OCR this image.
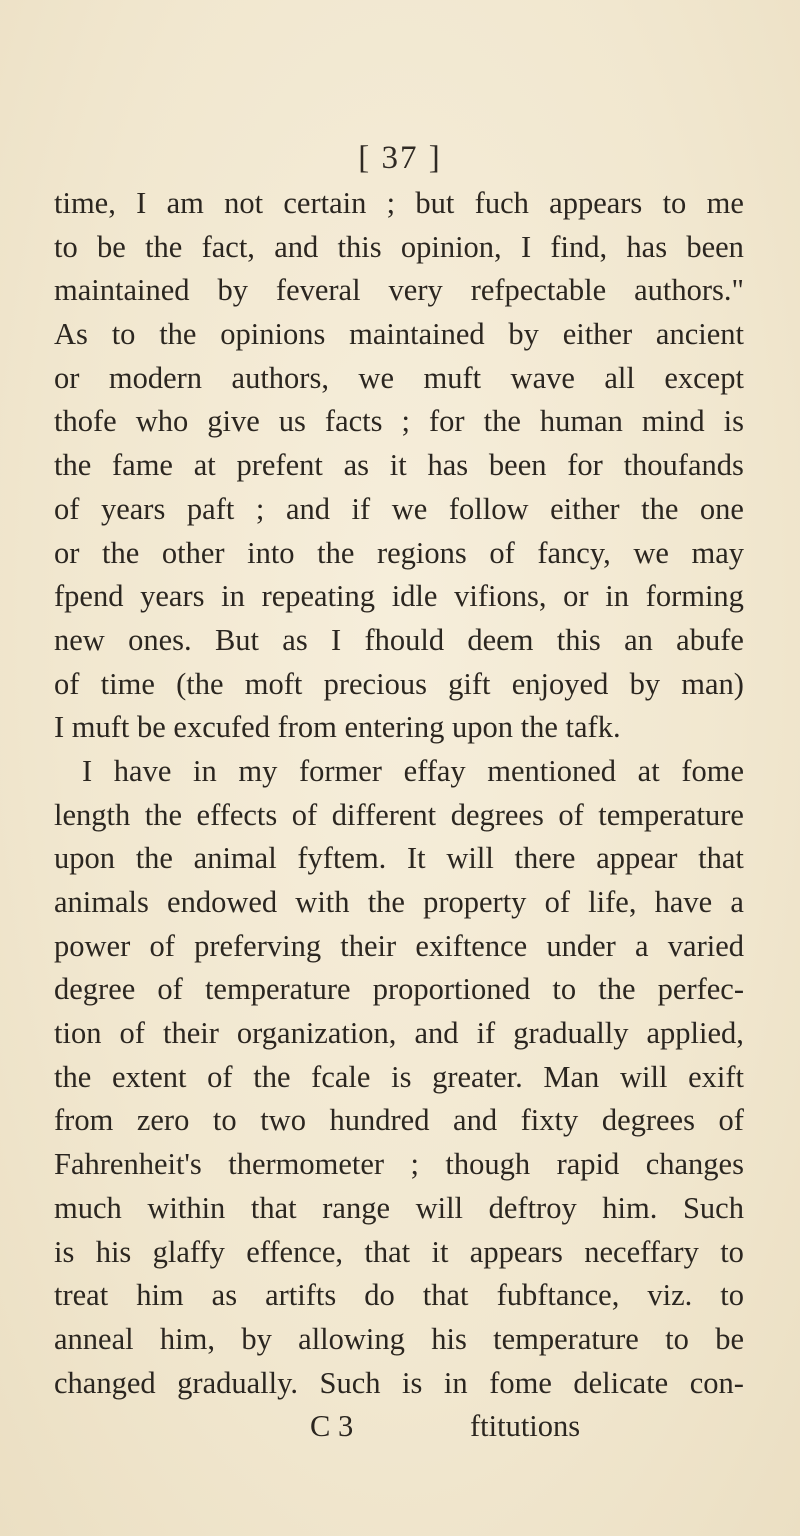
[ 37 ]
time, I am not certain ; but fuch appears to me
to be the fact, and this opinion, I find, has been
maintained by feveral very refpectable authors."
As to the opinions maintained by either ancient
or modern authors, we muft wave all except
thofe who give us facts ; for the human mind is
the fame at prefent as it has been for thoufands
of years paft ; and if we follow either the one
or the other into the regions of fancy, we may
fpend years in repeating idle vifions, or in forming
new ones. But as I fhould deem this an abufe
of time (the moft precious gift enjoyed by man)
I muft be excufed from entering upon the tafk.
I have in my former effay mentioned at fome
length the effects of different degrees of temperature
upon the animal fyftem. It will there appear that
animals endowed with the property of life, have a
power of preferving their exiftence under a varied
degree of temperature proportioned to the perfec-
tion of their organization, and if gradually applied,
the extent of the fcale is greater. Man will exift
from zero to two hundred and fixty degrees of
Fahrenheit's thermometer ; though rapid changes
much within that range will deftroy him. Such
is his glaffy effence, that it appears neceffary to
treat him as artifts do that fubftance, viz. to
anneal him, by allowing his temperature to be
changed gradually. Such is in fome delicate con-
C 3	ftitutions
